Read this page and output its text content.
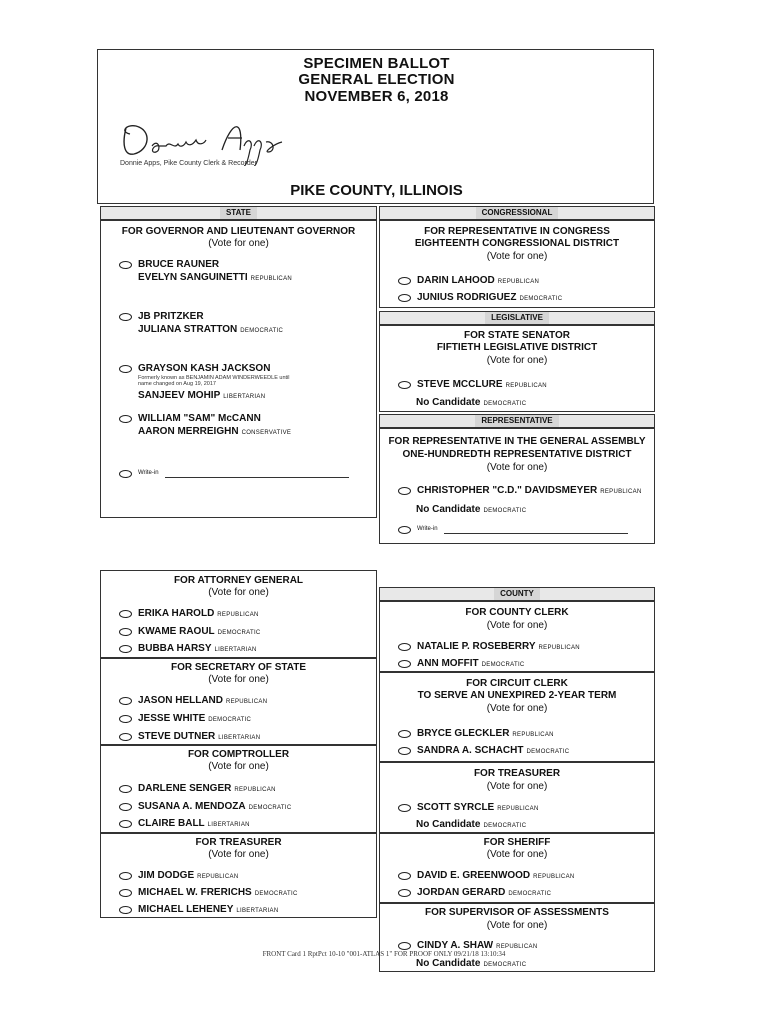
SPECIMEN BALLOT
GENERAL ELECTION
NOVEMBER 6, 2018
Donnie Apps, Pike County Clerk & Recorder
PIKE COUNTY, ILLINOIS
STATE
FOR GOVERNOR AND LIEUTENANT GOVERNOR
(Vote for one)
BRUCE RAUNER
EVELYN SANGUINETTI REPUBLICAN
JB PRITZKER
JULIANA STRATTON DEMOCRATIC
GRAYSON KASH JACKSON
Formerly known as BENJAMIN ADAM WINDERWEEDLE until name changed on Aug 19, 2017
SANJEEV MOHIP LIBERTARIAN
WILLIAM "SAM" McCANN
AARON MERREIGHN CONSERVATIVE
Write-in
FOR ATTORNEY GENERAL
(Vote for one)
ERIKA HAROLD REPUBLICAN
KWAME RAOUL DEMOCRATIC
BUBBA HARSY LIBERTARIAN
FOR SECRETARY OF STATE
(Vote for one)
JASON HELLAND REPUBLICAN
JESSE WHITE DEMOCRATIC
STEVE DUTNER LIBERTARIAN
FOR COMPTROLLER
(Vote for one)
DARLENE SENGER REPUBLICAN
SUSANA A. MENDOZA DEMOCRATIC
CLAIRE BALL LIBERTARIAN
FOR TREASURER
(Vote for one)
JIM DODGE REPUBLICAN
MICHAEL W. FRERICHS DEMOCRATIC
MICHAEL LEHENEY LIBERTARIAN
CONGRESSIONAL
FOR REPRESENTATIVE IN CONGRESS
EIGHTEENTH CONGRESSIONAL DISTRICT
(Vote for one)
DARIN LAHOOD REPUBLICAN
JUNIUS RODRIGUEZ DEMOCRATIC
LEGISLATIVE
FOR STATE SENATOR
FIFTIETH LEGISLATIVE DISTRICT
(Vote for one)
STEVE MCCLURE REPUBLICAN
No Candidate DEMOCRATIC
REPRESENTATIVE
FOR REPRESENTATIVE IN THE GENERAL ASSEMBLY
ONE-HUNDREDTH REPRESENTATIVE DISTRICT
(Vote for one)
CHRISTOPHER "C.D." DAVIDSMEYER REPUBLICAN
No Candidate DEMOCRATIC
Write-in
COUNTY
FOR COUNTY CLERK
(Vote for one)
NATALIE P. ROSEBERRY REPUBLICAN
ANN MOFFIT DEMOCRATIC
FOR CIRCUIT CLERK
TO SERVE AN UNEXPIRED 2-YEAR TERM
(Vote for one)
BRYCE GLECKLER REPUBLICAN
SANDRA A. SCHACHT DEMOCRATIC
FOR TREASURER
(Vote for one)
SCOTT SYRCLE REPUBLICAN
No Candidate DEMOCRATIC
FOR SHERIFF
(Vote for one)
DAVID E. GREENWOOD REPUBLICAN
JORDAN GERARD DEMOCRATIC
FOR SUPERVISOR OF ASSESSMENTS
(Vote for one)
CINDY A. SHAW REPUBLICAN
No Candidate DEMOCRATIC
FRONT Card 1 RptPct 10-10 "001-ATLAS 1" FOR PROOF ONLY 09/21/18 13:10:34
